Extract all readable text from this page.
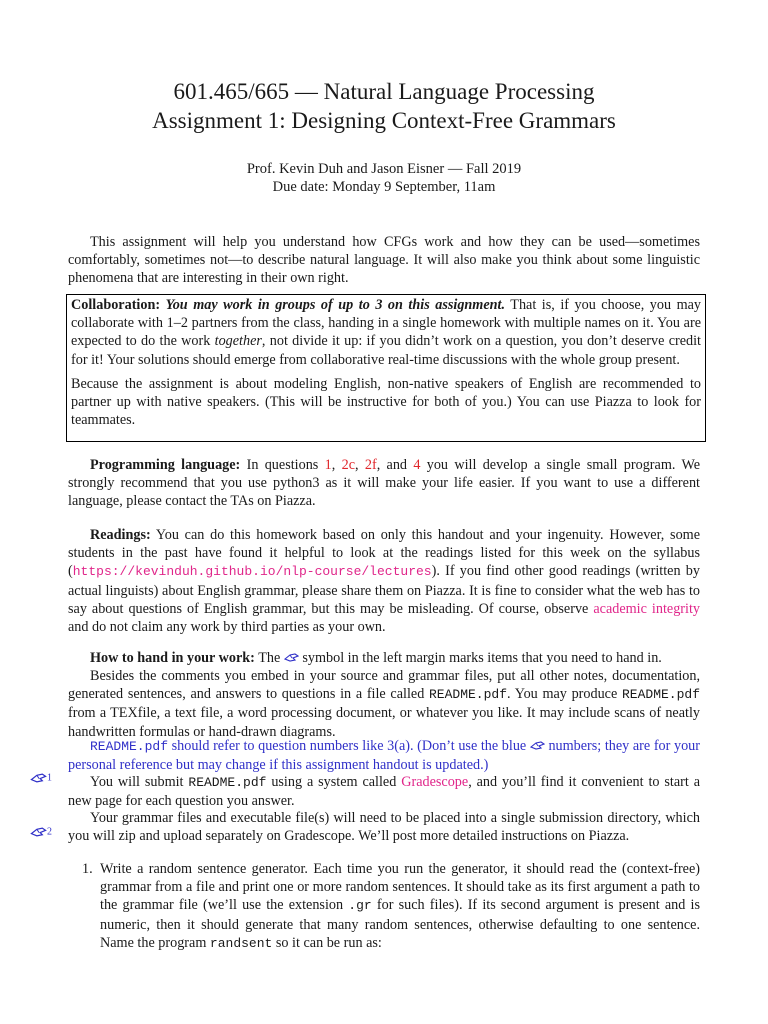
601.465/665 — Natural Language Processing
Assignment 1: Designing Context-Free Grammars
Prof. Kevin Duh and Jason Eisner — Fall 2019
Due date: Monday 9 September, 11am
This assignment will help you understand how CFGs work and how they can be used—sometimes comfortably, sometimes not—to describe natural language. It will also make you think about some linguistic phenomena that are interesting in their own right.

Collaboration: You may work in groups of up to 3 on this assignment. That is, if you choose, you may collaborate with 1–2 partners from the class, handing in a single homework with multiple names on it. You are expected to do the work together, not divide it up: if you didn’t work on a question, you don’t deserve credit for it! Your solutions should emerge from collaborative real-time discussions with the whole group present.

Because the assignment is about modeling English, non-native speakers of English are recommended to partner up with native speakers. (This will be instructive for both of you.) You can use Piazza to look for teammates.

Programming language: In questions 1, 2c, 2f, and 4 you will develop a single small program. We strongly recommend that you use python3 as it will make your life easier. If you want to use a different language, please contact the TAs on Piazza.
Readings: You can do this homework based on only this handout and your ingenuity. However, some students in the past have found it helpful to look at the readings listed for this week on the syllabus (https://kevinduh.github.io/nlp-course/lectures). If you find other good readings (written by actual linguists) about English grammar, please share them on Piazza. It is fine to consider what the web has to say about questions of English grammar, but this may be misleading. Of course, observe academic integrity and do not claim any work by third parties as your own.
How to hand in your work: The  symbol in the left margin marks items that you need to hand in.
Besides the comments you embed in your source and grammar files, put all other notes, documentation, generated sentences, and answers to questions in a file called README.pdf. You may produce README.pdf from a TEXfile, a text file, a word processing document, or whatever you like. It may include scans of neatly handwritten formulas or hand-drawn diagrams.
README.pdf should refer to question numbers like 3(a). (Don’t use the blue  numbers; they are for your personal reference but may change if this assignment handout is updated.)
1	You will submit README.pdf using a system called Gradescope, and you’ll find it convenient to start a new page for each question you answer.
2
Your grammar files and executable file(s) will need to be placed into a single submission directory, which you will zip and upload separately on Gradescope. We’ll post more detailed instructions on Piazza.
1. Write a random sentence generator. Each time you run the generator, it should read the (context-free) grammar from a file and print one or more random sentences. It should take as its first argument a path to the grammar file (we’ll use the extension .gr for such files). If its second argument is present and is numeric, then it should generate that many random sentences, otherwise defaulting to one sentence. Name the program randsent so it can be run as:
